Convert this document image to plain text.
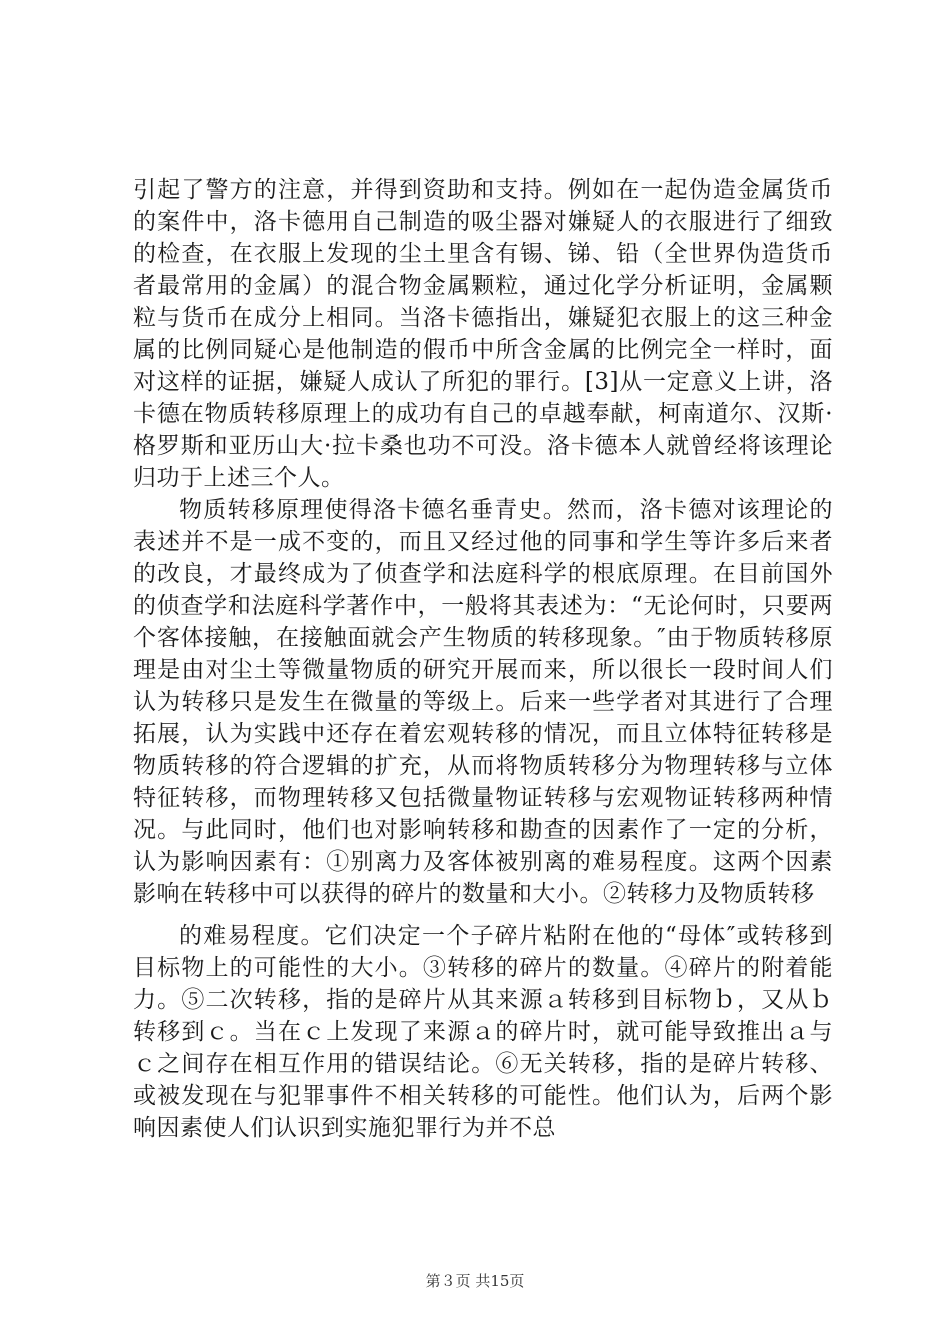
引起了警方的注意，并得到资助和支持。例如在一起伪造金属货币的案件中，洛卡德用自己制造的吸尘器对嫌疑人的衣服进行了细致的检查，在衣服上发现的尘土里含有锡、锑、铅（全世界伪造货币者最常用的金属）的混合物金属颗粒，通过化学分析证明，金属颗粒与货币在成分上相同。当洛卡德指出，嫌疑犯衣服上的这三种金属的比例同疑心是他制造的假币中所含金属的比例完全一样时，面对这样的证据，嫌疑人成认了所犯的罪行。[3]从一定意义上讲，洛卡德在物质转移原理上的成功有自己的卓越奉献，柯南道尔、汉斯·格罗斯和亚历山大·拉卡桑也功不可没。洛卡德本人就曾经将该理论归功于上述三个人。

物质转移原理使得洛卡德名垂青史。然而，洛卡德对该理论的表述并不是一成不变的，而且又经过他的同事和学生等许多后来者的改良，才最终成为了侦查学和法庭科学的根底原理。在目前国外的侦查学和法庭科学著作中，一般将其表述为：“无论何时，只要两个客体接触，在接触面就会产生物质的转移现象。″由于物质转移原理是由对尘土等微量物质的研究开展而来，所以很长一段时间人们认为转移只是发生在微量的等级上。后来一些学者对其进行了合理拓展，认为实践中还存在着宏观转移的情况，而且立体特征转移是物质转移的符合逻辑的扩充，从而将物质转移分为物理转移与立体特征转移，而物理转移又包括微量物证转移与宏观物证转移两种情况。与此同时，他们也对影响转移和勘查的因素作了一定的分析，认为影响因素有：①别离力及客体被别离的难易程度。这两个因素影响在转移中可以获得的碎片的数量和大小。②转移力及物质转移

的难易程度。它们决定一个子碎片粘附在他的“母体″或转移到目标物上的可能性的大小。③转移的碎片的数量。④碎片的附着能力。⑤二次转移，指的是碎片从其来源ａ转移到目标物ｂ，又从ｂ转移到ｃ。当在ｃ上发现了来源ａ的碎片时，就可能导致推出ａ与ｃ之间存在相互作用的错误结论。⑥无关转移，指的是碎片转移、或被发现在与犯罪事件不相关转移的可能性。他们认为，后两个影响因素使人们认识到实施犯罪行为并不总

第３页 共15页
